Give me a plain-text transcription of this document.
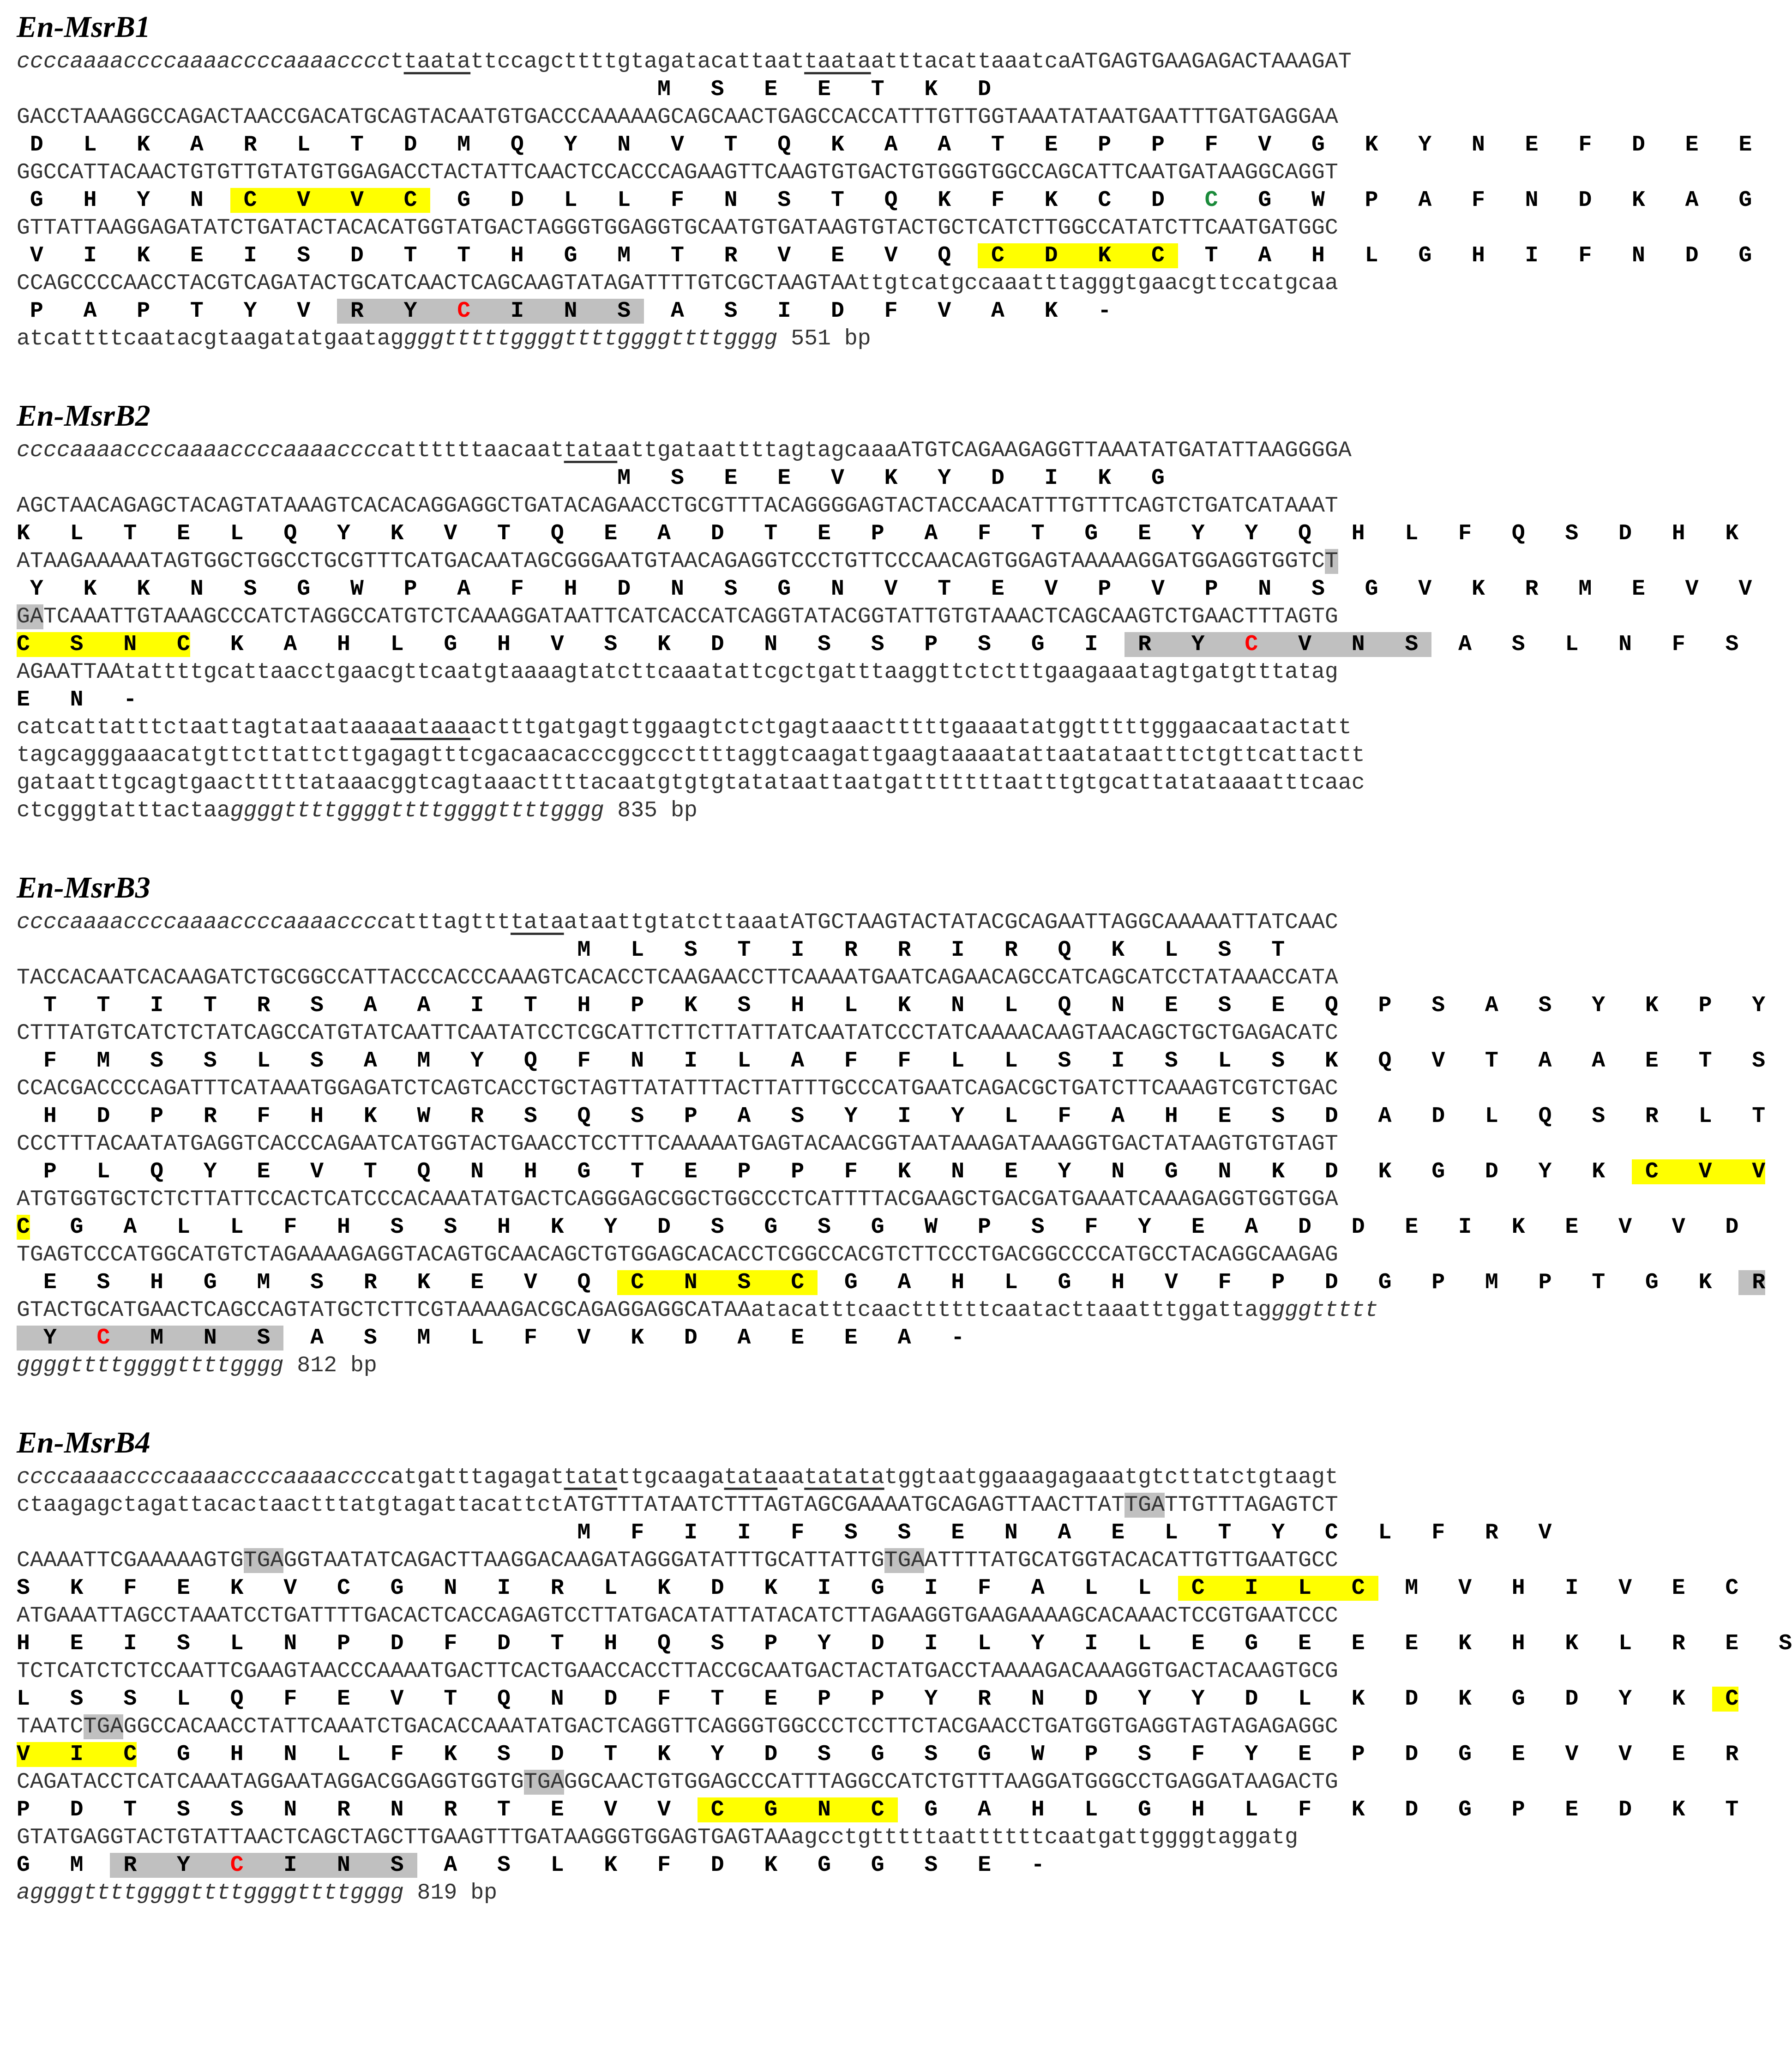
En-MsrB1
ccccaaaaccccaaaaccccaaaaccccttaatattccagcttttgtagatacattaattaataatttacattaaatcaATGAGTGAAGAGACTAAAGAT
M   S   E   E   T   K   D
GACCTAAAGGCCAGACTAACCGACATGCAGTACAATGTGACCCAAAAAGCAGCAACTGAGCCACCATTTGTTGGTAAATATAATGAATTTGATGAGGAA
D   L   K   A   R   L   T   D   M   Q   Y   N   V   T   Q   K   A   A   T   E   P   P   F   V   G   K   Y   N   E   F   D   E   E
GGCCATTACAACTGTGTTGTATGTGGAGACCTACTATTCAACTCCACCCAGAAGTTCAAGTGTGACTGTGGGTGGCCAGCATTCAATGATAAGGCAGGT
G   H   Y   N   C   V   V   C   G   D   L   L   F   N   S   T   Q   K   F   K   C   D   C   G   W   P   A   F   N   D   K   A   G
GTTATTAAGGAGATATCTGATACTACACATGGTATGACTAGGGTGGAGGTGCAATGTGATAAGTGTACTGCTCATCTTGGCCATATCTTCAATGATGGC
V   I   K   E   I   S   D   T   T   H   G   M   T   R   V   E   V   Q   C   D   K   C   T   A   H   L   G   H   I   F   N   D   G
CCAGCCCCAACCTACGTCAGATACTGCATCAACTCAGCAAGTATAGATTTTGTCGCTAAGTAAttgtcatgccaaatttagggtgaacgttccatgcaa
P   A   P   T   Y   V   R   Y   C   I   N   S   A   S   I   D   F   V   A   K   -
atcattttcaatacgtaagatatgaataggggtttttggggttttggggttttgggg 551 bp
En-MsrB2
ccccaaaaccccaaaaccccaaaaccccattttttaacaattataattgataattttagtagcaaaATGTCAGAAGAGGTTAAATATGATATTAAGGGGA
M   S   E   E   V   K   Y   D   I   K   G
AGCTAACAGAGCTACAGTATAAAGTCACACAGGAGGCTGATACAGAACCTGCGTTTACAGGGGAGTACTACCAACATTTGTTTCAGTCTGATCATAAAT
K   L   T   E   L   Q   Y   K   V   T   Q   E   A   D   T   E   P   A   F   T   G   E   Y   Y   Q   H   L   F   Q   S   D   H   K
ATAAGAAAAATAGTGGCTGGCCTGCGTTTCATGACAATAGCGGGAATGTAACAGAGGTCCCTGTTCCCAACAGTGGAGTAAAAAGGATGGAGGTGGTCT
Y   K   K   N   S   G   W   P   A   F   H   D   N   S   G   N   V   T   E   V   P   V   P   N   S   G   V   K   R   M   E   V   V
GATCAAATTGTAAAGCCCATCTAGGCCATGTCTCAAAGGATAATTCATCACCATCAGGTATACGGTATTGTGTAAACTCAGCAAGTCTGAACTTTAGTG
C   S   N   C   K   A   H   L   G   H   V   S   K   D   N   S   S   P   S   G   I   R   Y   C   V   N   S   A   S   L   N   F   S
AGAATTAAtattttgcattaacctgaacgttcaatgtaaaagtatcttcaaatattcgctgatttaaggttctctttgaagaaatagtgatgtttatag
E   N   -
catcattatttctaattagtataataaaaataaaactttgatgagttggaagtctctgagtaaactttttgaaaatatggtttttgggaacaatactatt
tagcagggaaacatgttcttattcttgagagtttcgacaacacccggcccttttaggtcaagattgaagtaaaatattaatataatttctgttcattactt
gataatttgcagtgaactttttataaacggtcagtaaacttttacaatgtgtgtatataattaatgatttttttaatttgtgcattatataaaatttcaac
ctcgggtatttactaaggggttttggggttttggggttttgggg 835 bp
En-MsrB3
ccccaaaaccccaaaaccccaaaaccccatttagttttataataattgtatcttaaatATGCTAAGTACTATACGCAGAATTAGGCAAAAATTATCAAC
M   L   S   T   I   R   R   I   R   Q   K   L   S   T
TACCACAATCACAAGATCTGCGGCCATTACCCACCCAAAGTCACACCTCAAGAACCTTCAAAATGAATCAGAACAGCCATCAGCATCCTATAAACCATA
T   T   I   T   R   S   A   A   I   T   H   P   K   S   H   L   K   N   L   Q   N   E   S   E   Q   P   S   A   S   Y   K   P   Y
CTTTATGTCATCTCTATCAGCCATGTATCAATTCAATATCCTCGCATTCTTCTTATTATCAATATCCCTATCAAAACAAGTAACAGCTGCTGAGACATC
F   M   S   S   L   S   A   M   Y   Q   F   N   I   L   A   F   F   L   L   S   I   S   L   S   K   Q   V   T   A   A   E   T   S
CCACGACCCCAGATTTCATAAATGGAGATCTCAGTCACCTGCTAGTTATATTTACTTATTTGCCCATGAATCAGACGCTGATCTTCAAAGTCGTCTGAC
H   D   P   R   F   H   K   W   R   S   Q   S   P   A   S   Y   I   Y   L   F   A   H   E   S   D   A   D   L   Q   S   R   L   T
CCCTTTACAATATGAGGTCACCCAGAATCATGGTACTGAACCTCCTTTCAAAAATGAGTACAACGGTAATAAAGATAAAGGTGACTATAAGTGTGTAGT
P   L   Q   Y   E   V   T   Q   N   H   G   T   E   P   P   F   K   N   E   Y   N   G   N   K   D   K   G   D   Y   K   C   V   V
ATGTGGTGCTCTCTTATTCCACTCATCCCACAAATATGACTCAGGGAGCGGCTGGCCCTCATTTTACGAAGCTGACGATGAAATCAAAGAGGTGGTGGA
C   G   A   L   L   F   H   S   S   H   K   Y   D   S   G   S   G   W   P   S   F   Y   E   A   D   D   E   I   K   E   V   V   D
TGAGTCCCATGGCATGTCTAGAAAAGAGGTACAGTGCAACAGCTGTGGAGCACACCTCGGCCACGTCTTCCCTGACGGCCCCATGCCTACAGGCAAGAG
E   S   H   G   M   S   R   K   E   V   Q   C   N   S   C   G   A   H   L   G   H   V   F   P   D   G   P   M   P   T   G   K   R
GTACTGCATGAACTCAGCCAGTATGCTCTTCGTAAAAGACGCAGAGGAGGCATAAatacatttcaacttttttcaatacttaaatttggattaggggttttt
Y   C   M   N   S   A   S   M   L   F   V   K   D   A   E   E   A   -
ggggttttggggttttgggg 812 bp
En-MsrB4
ccccaaaaccccaaaaccccaaaaccccatgatttagagattatattgcaagatataaatatatatggtaatggaaagagaaatgtcttatctgtaagt
ctaagagctagattacactaactttatgtagattacattctATGTTTATAATCTTTAGTAGCGAAAATGCAGAGTTAACTTATTGATTGTTTAGAGTCT
M   F   I   I   F   S   S   E   N   A   E   L   T   Y   C   L   F   R   V
CAAAATTCGAAAAAGTGTGAGGTAATATCAGACTTAAGGACAAGATAGGGATATTTGCATTATTGTGAATTTTATGCATGGTACACATTGTTGAATGCC
S   K   F   E   K   V   C   G   N   I   R   L   K   D   K   I   G   I   F   A   L   L   C   I   L   C   M   V   H   I   V   E   C
ATGAAATTAGCCTAAATCCTGATTTTGACACTCACCAGAGTCCTTATGACATATTATACATCTTAGAAGGTGAAGAAAAGCACAAACTCCGTGAATCCC
H   E   I   S   L   N   P   D   F   D   T   H   Q   S   P   Y   D   I   L   Y   I   L   E   G   E   E   E   K   H   K   L   R   E   S
TCTCATCTCTCCAATTCGAAGTAACCCAAAATGACTTCACTGAACCACCTTACCGCAATGACTACTATGACCTAAAAGACAAAGGTGACTACAAGTGCG
L   S   S   L   Q   F   E   V   T   Q   N   D   F   T   E   P   P   Y   R   N   D   Y   Y   D   L   K   D   K   G   D   Y   K   C
TAATCTGAGGCCACAACCTATTCAAATCTGACACCAAATATGACTCAGGTTCAGGGTGGCCCTCCTTCTACGAACCTGATGGTGAGGTAGTAGAGAGGC
V   I   C   G   H   N   L   F   K   S   D   T   K   Y   D   S   G   S   G   W   P   S   F   Y   E   P   D   G   E   V   V   E   R
CAGATACCTCATCAAATAGGAATAGGACGGAGGTGGTGTGAGGCAACTGTGGAGCCCATTTAGGCCATCTGTTTAAGGATGGGCCTGAGGATAAGACTG
P   D   T   S   S   N   R   N   R   T   E   V   V   C   G   N   C   G   A   H   L   G   H   L   F   K   D   G   P   E   D   K   T
GTATGAGGTACTGTATTAACTCAGCTAGCTTGAAGTTTGATAAGGGTGGAGTGAGTAAagcctgtttttaattttttcaatgattggggtaggatg
G   M   R   Y   C   I   N   S   A   S   L   K   F   D   K   G   G   S   E   -
aggggttttggggttttggggttttgggg 819 bp
